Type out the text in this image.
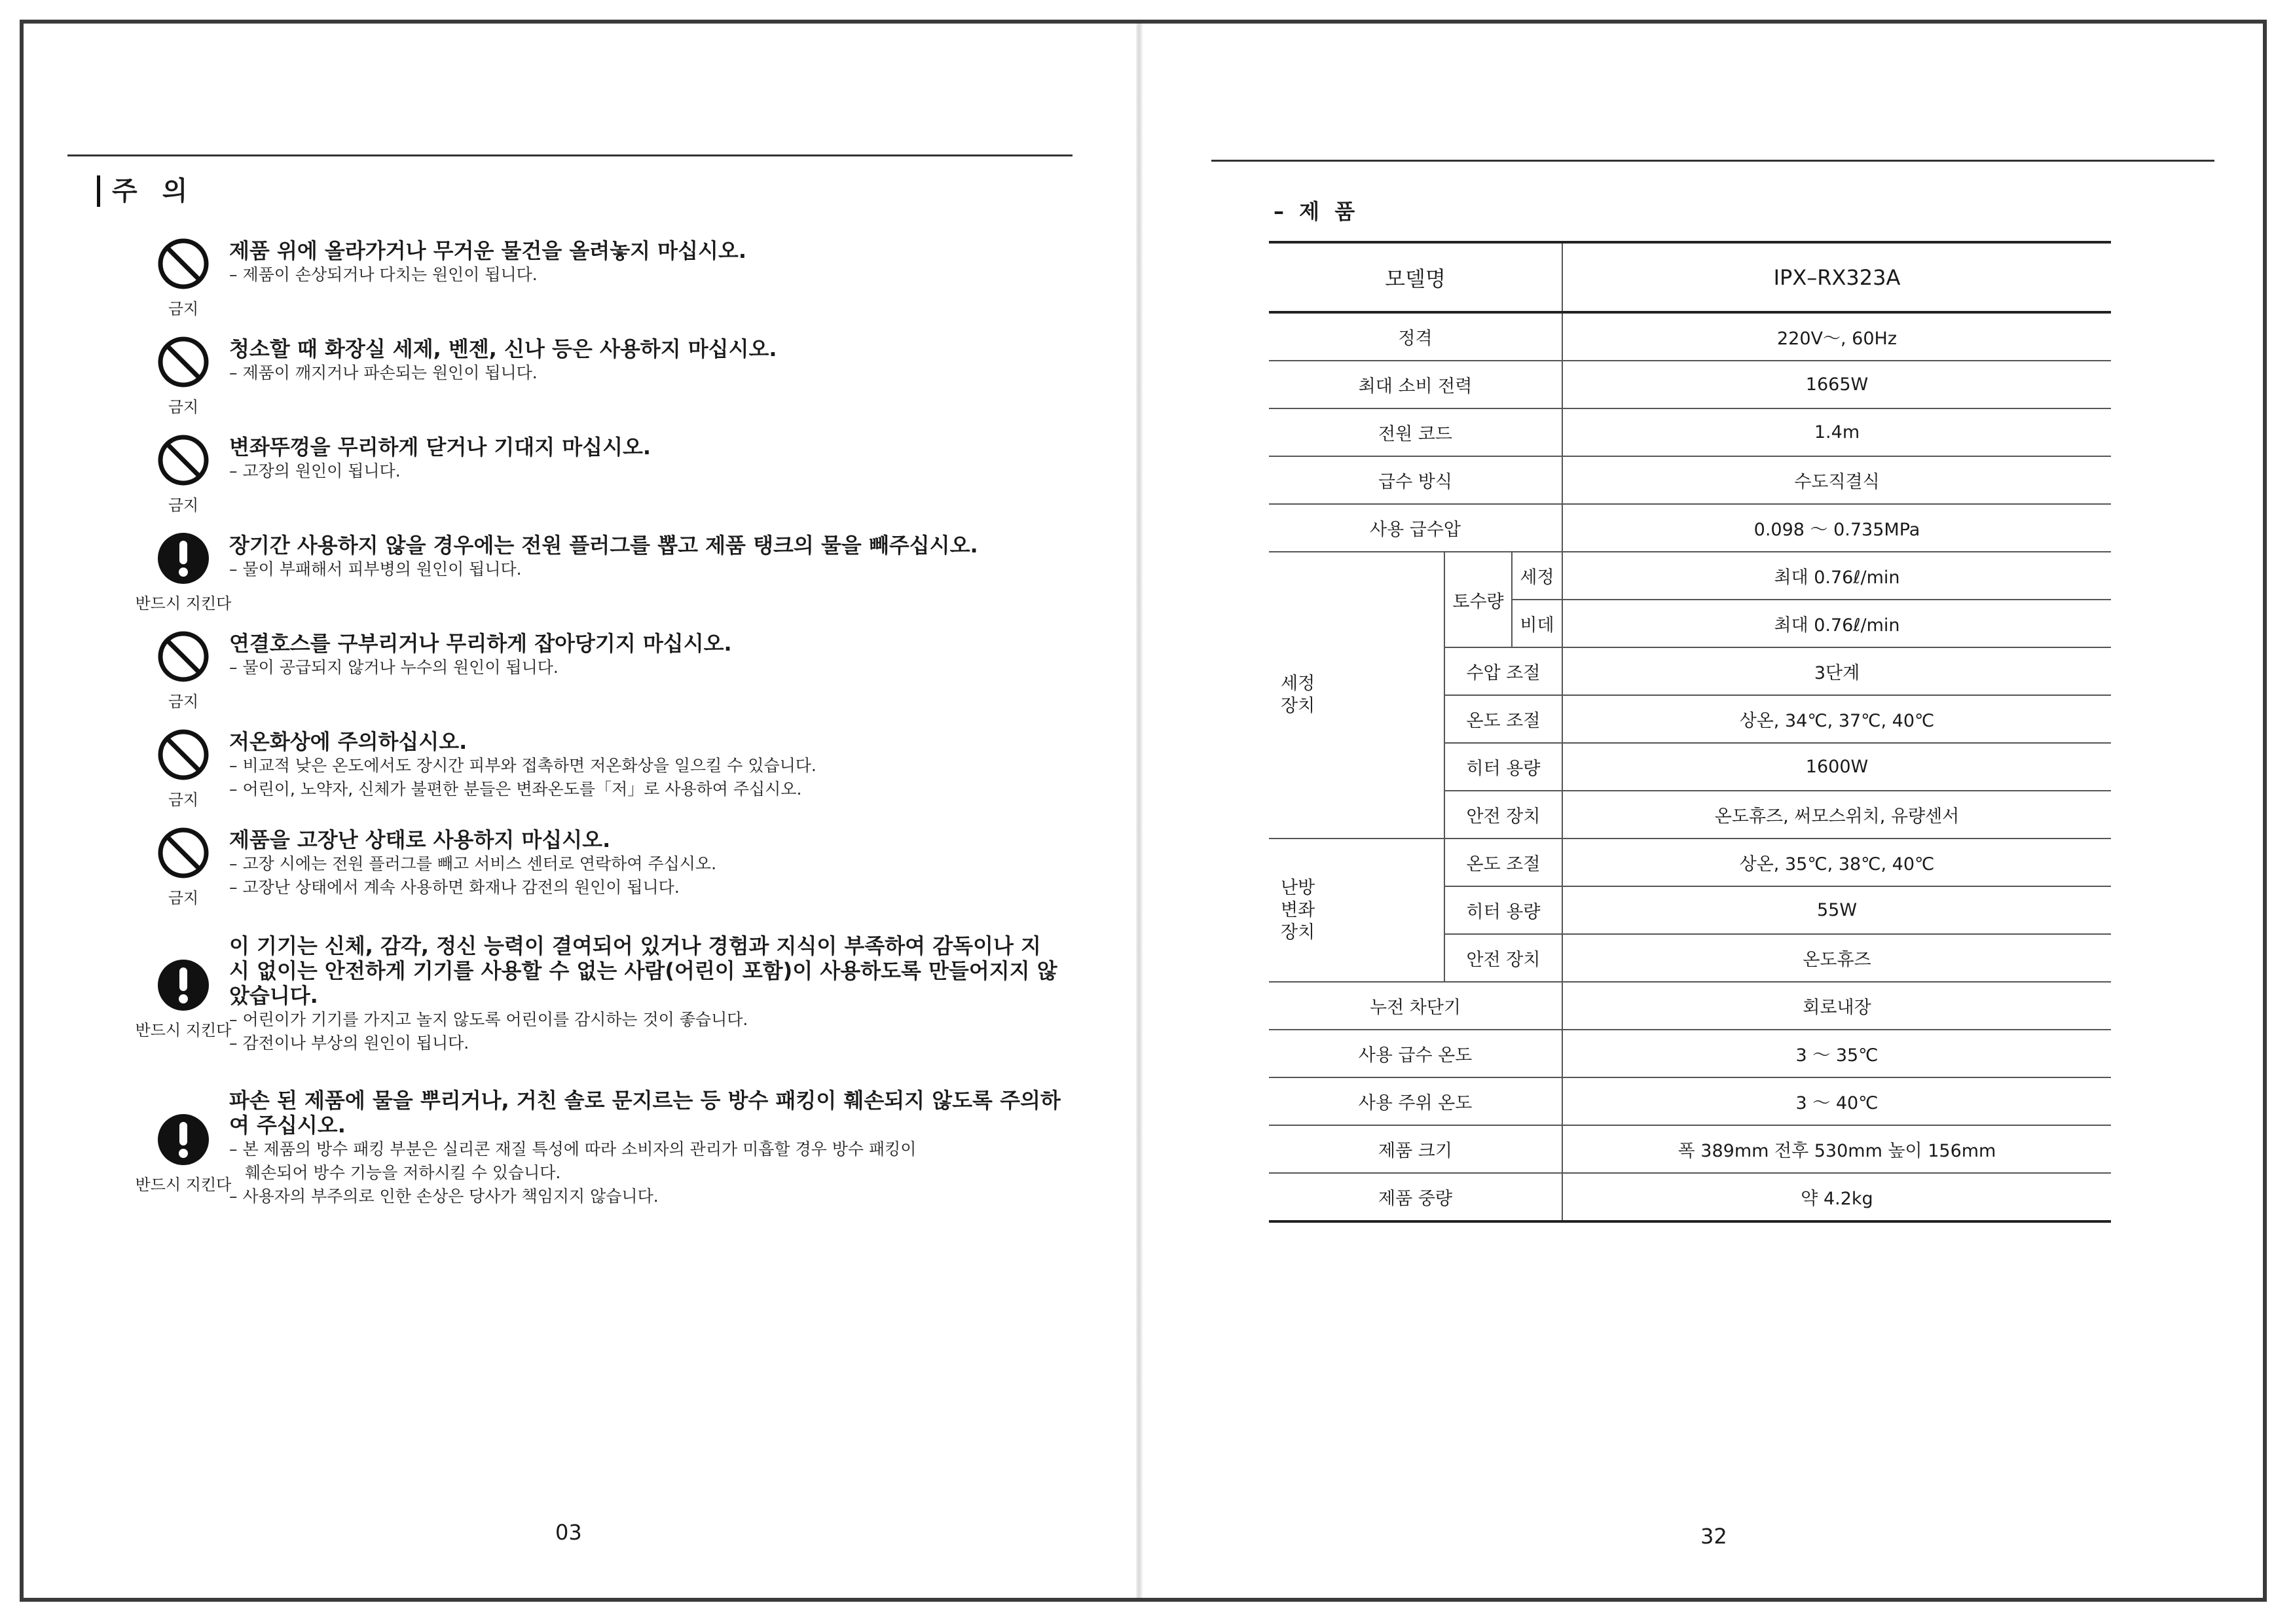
주 의
금지
제품 위에 올라가거나 무거운 물건을 올려놓지 마십시오.
– 제품이 손상되거나 다치는 원인이 됩니다.
금지
청소할 때 화장실 세제, 벤젠, 신나 등은 사용하지 마십시오.
– 제품이 깨지거나 파손되는 원인이 됩니다.
금지
변좌뚜껑을 무리하게 닫거나 기대지 마십시오.
– 고장의 원인이 됩니다.
반드시 지킨다
장기간 사용하지 않을 경우에는 전원 플러그를 뽑고 제품 탱크의 물을 빼주십시오.
– 물이 부패해서 피부병의 원인이 됩니다.
금지
연결호스를 구부리거나 무리하게 잡아당기지 마십시오.
– 물이 공급되지 않거나 누수의 원인이 됩니다.
금지
저온화상에 주의하십시오.
– 비교적 낮은 온도에서도 장시간 피부와 접촉하면 저온화상을 일으킬 수 있습니다.
– 어린이, 노약자, 신체가 불편한 분들은 변좌온도를「저」로 사용하여 주십시오.
금지
제품을 고장난 상태로 사용하지 마십시오.
– 고장 시에는 전원 플러그를 빼고 서비스 센터로 연락하여 주십시오.
– 고장난 상태에서 계속 사용하면 화재나 감전의 원인이 됩니다.
반드시 지킨다
이 기기는 신체, 감각, 정신 능력이 결여되어 있거나 경험과 지식이 부족하여 감독이나 지시 없이는 안전하게 기기를 사용할 수 없는 사람(어린이 포함)이 사용하도록 만들어지지 않았습니다.
– 어린이가 기기를 가지고 놀지 않도록 어린이를 감시하는 것이 좋습니다.
– 감전이나 부상의 원인이 됩니다.
반드시 지킨다
파손 된 제품에 물을 뿌리거나, 거친 솔로 문지르는 등 방수 패킹이 훼손되지 않도록 주의하여 주십시오.
– 본 제품의 방수 패킹 부분은 실리콘 재질 특성에 따라 소비자의 관리가 미흡할 경우 방수 패킹이
훼손되어 방수 기능을 저하시킬 수 있습니다.
– 사용자의 부주의로 인한 손상은 당사가 책임지지 않습니다.
03
– 제 품
모델명			IPX–RX323A
정격			220V〜, 60Hz
최대 소비 전력			1665W
전원 코드			1.4m
급수 방식			수도직결식
사용 급수압			0.098 〜 0.735MPa
세정
장치	토수량	세정	최대 0.76ℓ/min
		비데	최대 0.76ℓ/min
	수압 조절		3단계
	온도 조절		상온, 34℃, 37℃, 40℃
	히터 용량		1600W
	안전 장치		온도휴즈, 써모스위치, 유량센서
난방
변좌
장치	온도 조절		상온, 35℃, 38℃, 40℃
	히터 용량		55W
	안전 장치		온도휴즈
누전 차단기			회로내장
사용 급수 온도			3 〜 35℃
사용 주위 온도			3 〜 40℃
제품 크기			폭 389mm 전후 530mm 높이 156mm
제품 중량			약 4.2kg
32
